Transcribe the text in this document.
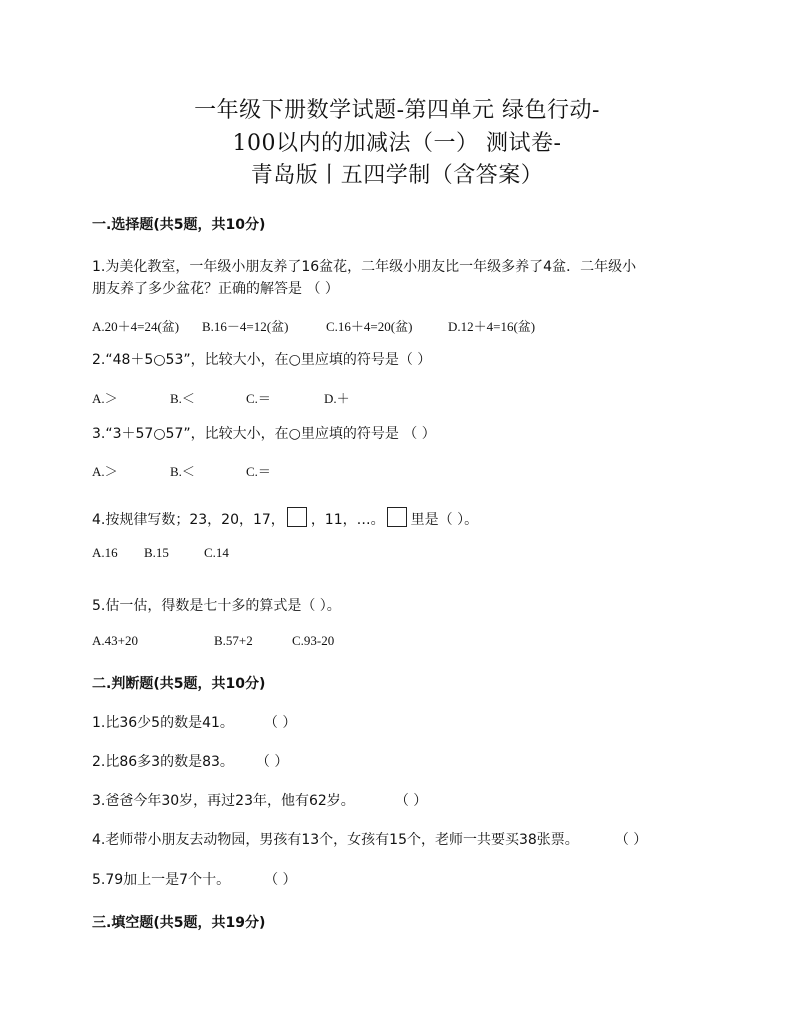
一年级下册数学试题-第四单元 绿色行动-
100以内的加减法（一） 测试卷-
青岛版丨五四学制（含答案）
一.选择题(共5题，共10分)
1.为美化教室，一年级小朋友养了16盆花，二年级小朋友比一年级多养了4盆．二年级小
朋友养了多少盆花？正确的解答是 （ ）
A.20＋4=24(盆) B.16－4=12(盆)	C.16＋4=20(盆)	D.12＋4=16(盆)
2.“48＋5○53”，比较大小，在○里应填的符号是（ ）
A.＞	B.＜	C.＝	D.＋
3.“3＋57○57”，比较大小，在○里应填的符号是 （ ）
A.＞	B.＜	C.＝
4.按规律写数；23，20，17， ，11，…。 里是（ ）。
A.16 B.15	C.14
5.估一估，得数是七十多的算式是（ ）。
A.43+20	B.57+2	C.93-20
二.判断题(共5题，共10分)
1.比36少5的数是41。 （ ）
2.比86多3的数是83。 （ ）
3.爸爸今年30岁，再过23年，他有62岁。	（ ）
4.老师带小朋友去动物园，男孩有13个，女孩有15个，老师一共要买38张票。	（ ）
5.79加上一是7个十。 （ ）
三.填空题(共5题，共19分)
